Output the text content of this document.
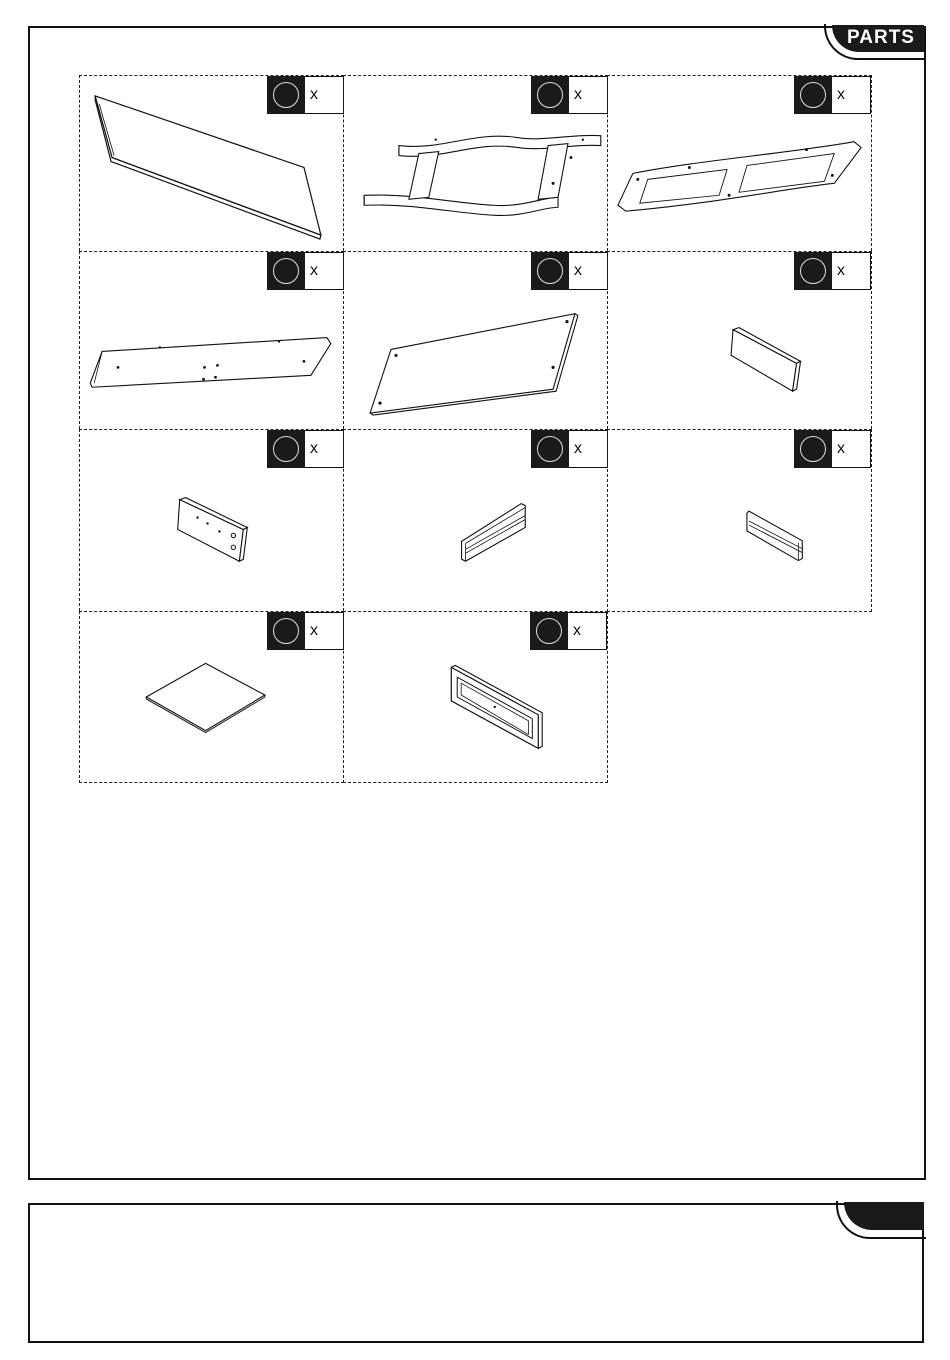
PARTS
x	x	x
x	x	x
x	x	x
x	x
